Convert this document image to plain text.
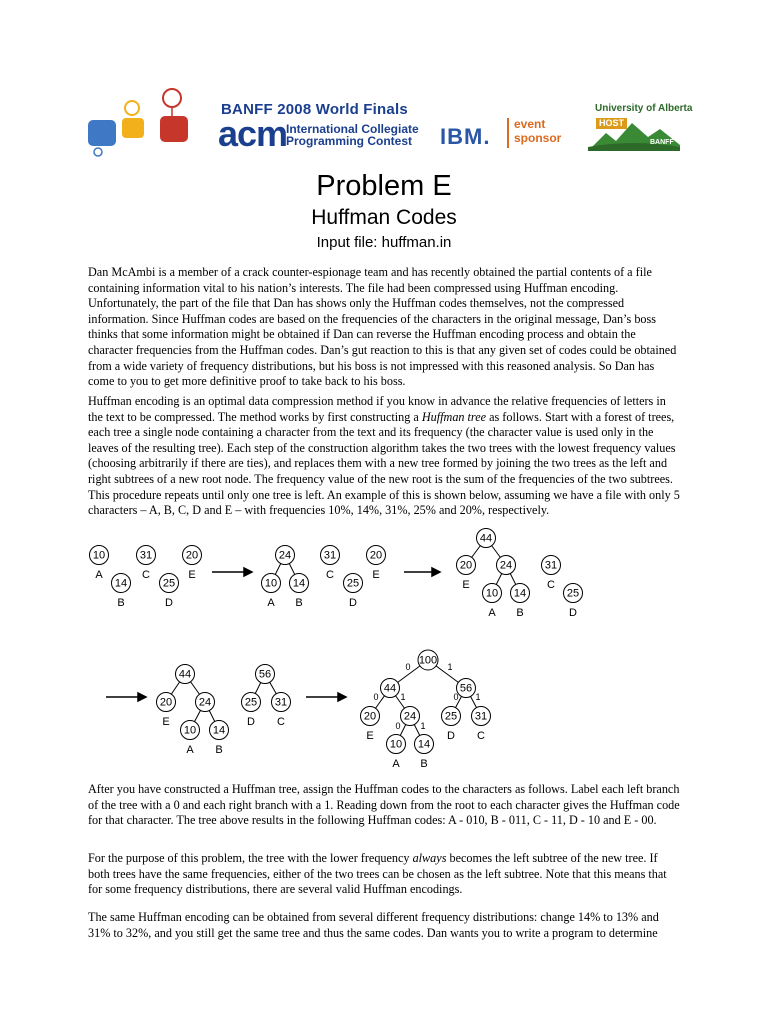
BANFF 2008 World Finals
acm
International Collegiate
Programming Contest IBM. event
sponsor
University of Alberta
HOST
BANFF
Problem E
Huffman Codes
Input file: huffman.in
Dan McAmbi is a member of a crack counter-espionage team and has recently obtained the partial contents of a file containing information vital to his nation’s interests. The file had been compressed using Huffman encoding. Unfortunately, the part of the file that Dan has shows only the Huffman codes themselves, not the compressed information. Since Huffman codes are based on the frequencies of the characters in the original message, Dan’s boss thinks that some information might be obtained if Dan can reverse the Huffman encoding process and obtain the character frequencies from the Huffman codes. Dan’s gut reaction to this is that any given set of codes could be obtained from a wide variety of frequency distributions, but his boss is not impressed with this reasoned analysis. So Dan has come to you to get more definitive proof to take back to his boss.
Huffman encoding is an optimal data compression method if you know in advance the relative frequencies of letters in the text to be compressed. The method works by first constructing a Huffman tree as follows. Start with a forest of trees, each tree a single node containing a character from the text and its frequency (the character value is used only in the leaves of the resulting tree). Each step of the construction algorithm takes the two trees with the lowest frequency values (choosing arbitrarily if there are ties), and replaces them with a new tree formed by joining the two trees as the left and right subtrees of a new root node. The frequency value of the new root is the sum of the frequencies of the two subtrees. This procedure repeats until only one tree is left. An example of this is shown below, assuming we have a file with only 5 characters – A, B, C, D and E – with frequencies 10%, 14%, 31%, 25% and 20%, respectively.
10
14
31
25
20	24
10 14
31
25
20
44
20	24
10 14
31
25
44
20 24
10 14
56
25 31
100
44	56
20	24
10 14
25 31
A
B
C
D
E
A B
C
D
E
E
A B
C
D
E
A B
D C
E
A B
D C
0	1
0 1
0 1
0 1
After you have constructed a Huffman tree, assign the Huffman codes to the characters as follows. Label each left branch of the tree with a 0 and each right branch with a 1. Reading down from the root to each character gives the Huffman code for that character. The tree above results in the following Huffman codes: A - 010, B - 011, C - 11, D - 10 and E - 00.
For the purpose of this problem, the tree with the lower frequency always becomes the left subtree of the new tree. If both trees have the same frequencies, either of the two trees can be chosen as the left subtree. Note that this means that for some frequency distributions, there are several valid Huffman encodings.
The same Huffman encoding can be obtained from several different frequency distributions: change 14% to 13% and 31% to 32%, and you still get the same tree and thus the same codes. Dan wants you to write a program to determine
